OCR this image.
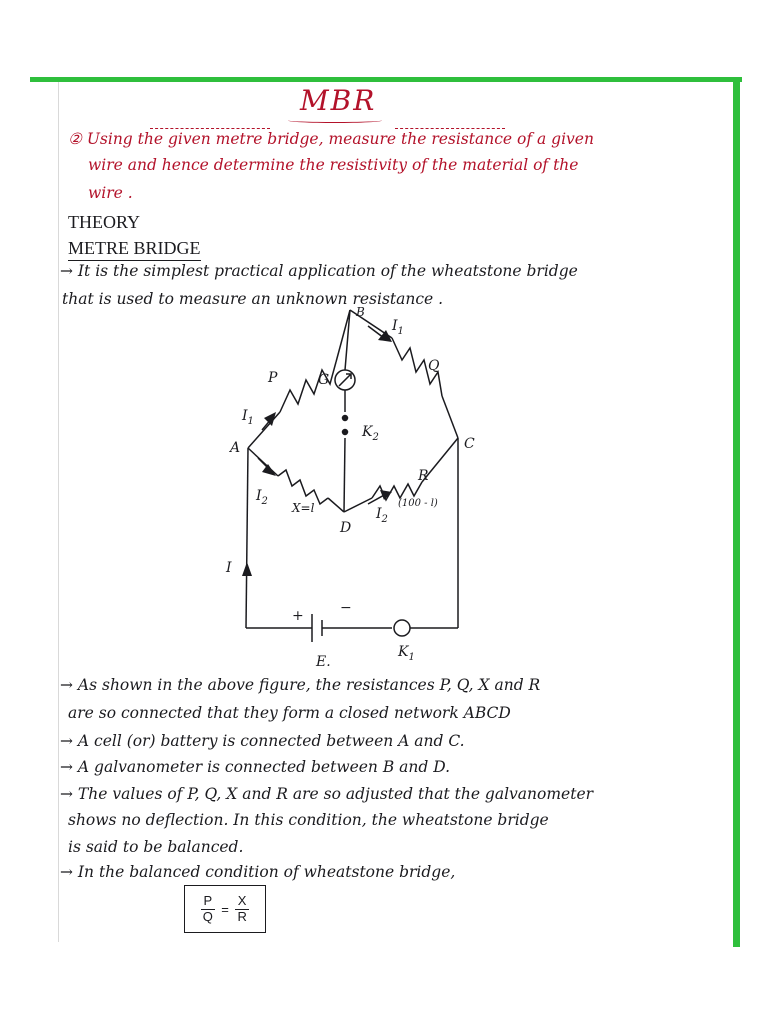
MBR
② Using the given metre bridge, measure the resistance of a given
wire and hence determine the resistivity of the material of the
wire .
THEORY
METRE BRIDGE
→ It is the simplest practical application of the wheatstone bridge
that is used to measure an unknown resistance .
A
B
C
D
P
Q
G
$K_2$
$I_1$
$I_1$
$I_2$ X=l	$I_2$
R
(100 - l)
I
+	−
E.
$K_1$
→ As shown in the above figure, the resistances P, Q, X and R
are so connected that they form a closed network ABCD
→ A cell (or) battery is connected between A and C.
→ A galvanometer is connected between B and D.
→ The values of P, Q, X and R are so adjusted that the galvanometer
shows no deflection. In this condition, the wheatstone bridge
is said to be balanced.
→ In the balanced condition of wheatstone bridge,
$\frac{P}{Q} = \frac{X}{R}$
